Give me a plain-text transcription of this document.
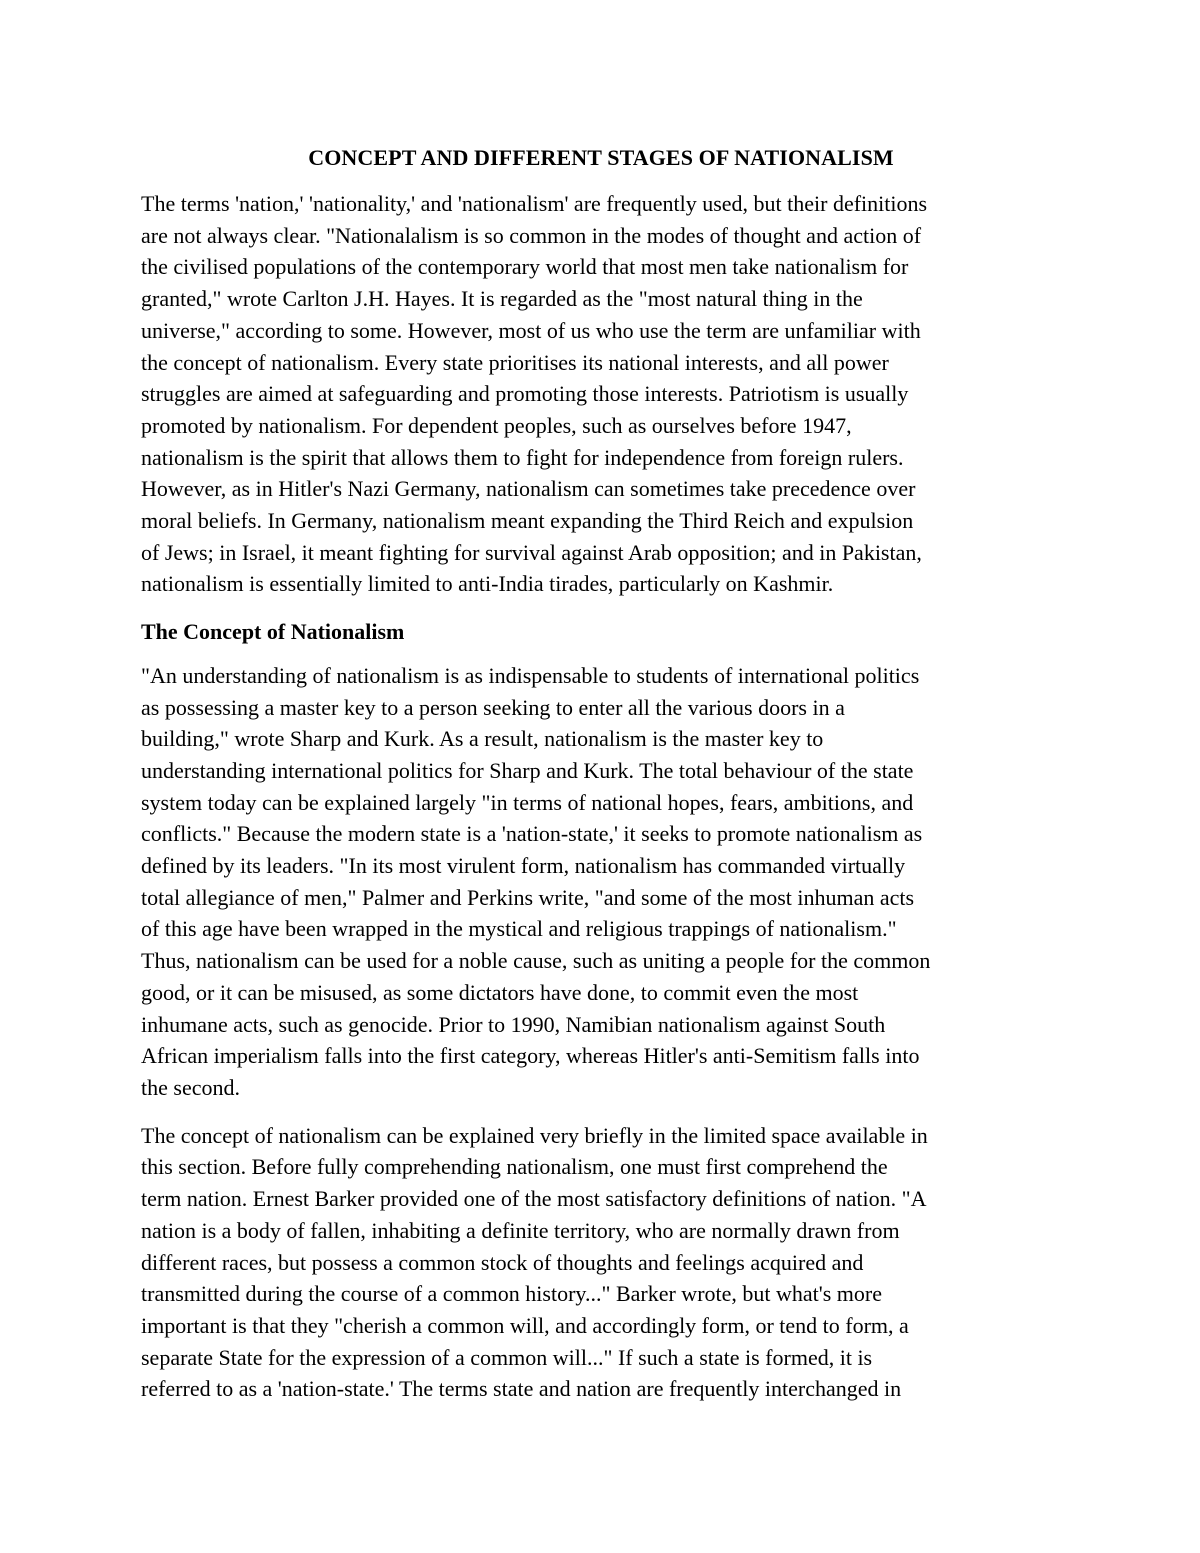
CONCEPT AND DIFFERENT STAGES OF NATIONALISM

The terms 'nation,' 'nationality,' and 'nationalism' are frequently used, but their definitions
are not always clear. "Nationalalism is so common in the modes of thought and action of
the civilised populations of the contemporary world that most men take nationalism for
granted," wrote Carlton J.H. Hayes. It is regarded as the "most natural thing in the
universe," according to some. However, most of us who use the term are unfamiliar with
the concept of nationalism. Every state prioritises its national interests, and all power
struggles are aimed at safeguarding and promoting those interests. Patriotism is usually
promoted by nationalism. For dependent peoples, such as ourselves before 1947,
nationalism is the spirit that allows them to fight for independence from foreign rulers.
However, as in Hitler's Nazi Germany, nationalism can sometimes take precedence over
moral beliefs. In Germany, nationalism meant expanding the Third Reich and expulsion
of Jews; in Israel, it meant fighting for survival against Arab opposition; and in Pakistan,
nationalism is essentially limited to anti-India tirades, particularly on Kashmir.

The Concept of Nationalism

"An understanding of nationalism is as indispensable to students of international politics
as possessing a master key to a person seeking to enter all the various doors in a
building," wrote Sharp and Kurk. As a result, nationalism is the master key to
understanding international politics for Sharp and Kurk. The total behaviour of the state
system today can be explained largely "in terms of national hopes, fears, ambitions, and
conflicts." Because the modern state is a 'nation-state,' it seeks to promote nationalism as
defined by its leaders. "In its most virulent form, nationalism has commanded virtually
total allegiance of men," Palmer and Perkins write, "and some of the most inhuman acts
of this age have been wrapped in the mystical and religious trappings of nationalism."
Thus, nationalism can be used for a noble cause, such as uniting a people for the common
good, or it can be misused, as some dictators have done, to commit even the most
inhumane acts, such as genocide. Prior to 1990, Namibian nationalism against South
African imperialism falls into the first category, whereas Hitler's anti-Semitism falls into
the second.

The concept of nationalism can be explained very briefly in the limited space available in
this section. Before fully comprehending nationalism, one must first comprehend the
term nation. Ernest Barker provided one of the most satisfactory definitions of nation. "A
nation is a body of fallen, inhabiting a definite territory, who are normally drawn from
different races, but possess a common stock of thoughts and feelings acquired and
transmitted during the course of a common history..." Barker wrote, but what's more
important is that they "cherish a common will, and accordingly form, or tend to form, a
separate State for the expression of a common will..." If such a state is formed, it is
referred to as a 'nation-state.' The terms state and nation are frequently interchanged in
